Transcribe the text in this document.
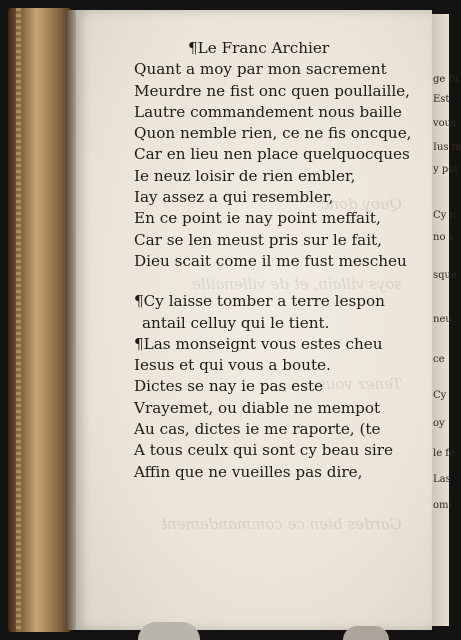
Quoy donc
soys villain, et de villenaille
Tenez vous
Gardes bien ce commandement
¶Le Franc Archier
Quant a moy par mon sacrement
Meurdre ne fist onc quen poullaille,
Lautre commandement nous baille
Quon nemble rien, ce ne fis oncque,
Car en lieu nen place quelquocques
Ie neuz loisir de rien embler,
Iay assez a qui resembler,
En ce point ie nay point meffait,
Car se len meust pris sur le fait,
Dieu scait come il me fust mescheu
¶Cy laisse tomber a terre lespon
antail celluy qui le tient.
¶Las monseignt vous estes cheu
Iesus et qui vous a boute.
Dictes se nay ie pas este
Vrayemet, ou diable ne mempot
Au cas, dictes ie me raporte, (te
A tous ceulx qui sont cy beau sire
Affin que ne vueilles pas dire,
ge fu
Est
vous
Ius m
y poi
Cy n
no s
sque
neu
ce
Cy
oy
le fe
Las
omi
